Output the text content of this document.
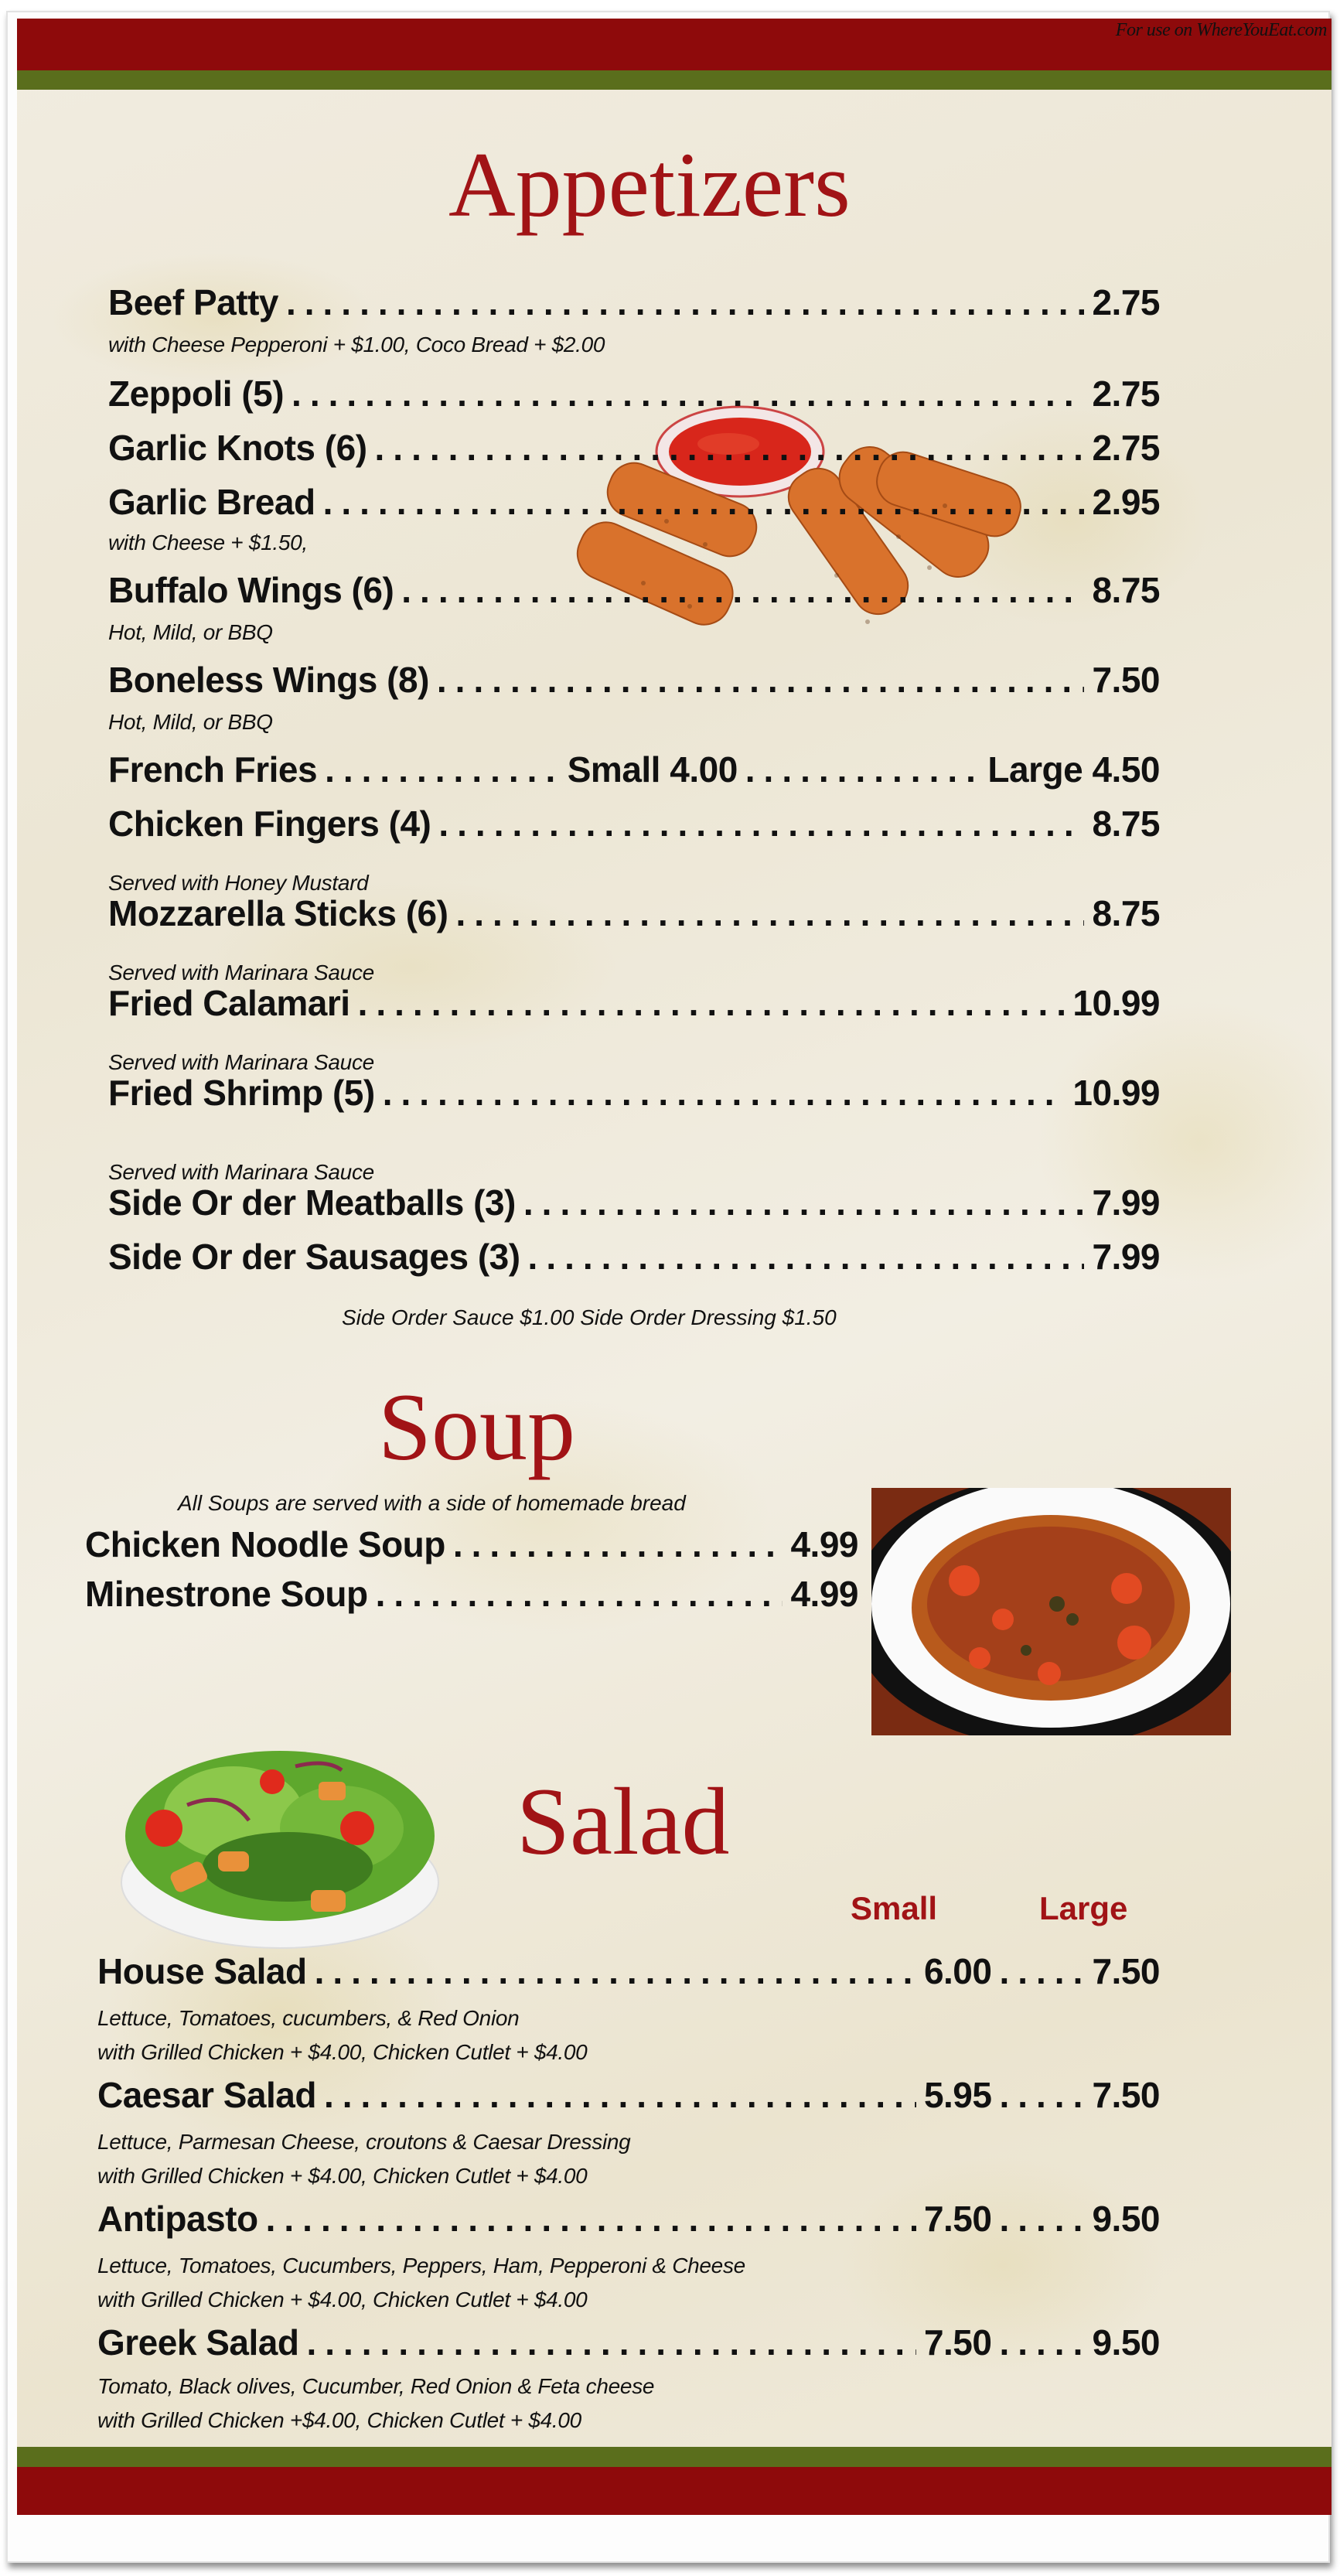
For use on WhereYouEat.com
Appetizers
Beef Patty .....	2.75
with Cheese Pepperoni + $1.00, Coco Bread + $2.00
Zeppoli (5) .....	2.75
Garlic Knots (6) .....	2.75
Garlic Bread .....	2.95
with Cheese + $1.50,
Buffalo Wings (6) .....	8.75
Hot, Mild, or BBQ
Boneless Wings (8) .....	7.50
Hot, Mild, or BBQ
French Fries .....	Small 4.00 .....	Large 4.50
Chicken Fingers (4) .....	8.75
Served with Honey Mustard
Mozzarella Sticks (6) .....	8.75
Served with Marinara Sauce
Fried Calamari .....	10.99
Served with Marinara Sauce
Fried Shrimp (5) .....	10.99
Served with Marinara Sauce
Side Or der Meatballs (3) .....	7.99
Side Or der Sausages (3) .....	7.99
Side Order Sauce $1.00 Side Order Dressing $1.50
Soup
All Soups are served with a side of homemade bread
Chicken Noodle Soup .....	4.99
Minestrone Soup .....	4.99
Salad
Small	Large
House Salad .....	6.00 .....	7.50
Lettuce, Tomatoes, cucumbers, & Red Onion
with Grilled Chicken + $4.00, Chicken Cutlet + $4.00
Caesar Salad .....	5.95 .....	7.50
Lettuce, Parmesan Cheese, croutons & Caesar Dressing
with Grilled Chicken + $4.00, Chicken Cutlet + $4.00
Antipasto .....	7.50 .....	9.50
Lettuce, Tomatoes, Cucumbers, Peppers, Ham, Pepperoni & Cheese
with Grilled Chicken + $4.00, Chicken Cutlet + $4.00
Greek Salad .....	7.50 .....	9.50
Tomato, Black olives, Cucumber, Red Onion & Feta cheese
with Grilled Chicken +$4.00, Chicken Cutlet + $4.00
